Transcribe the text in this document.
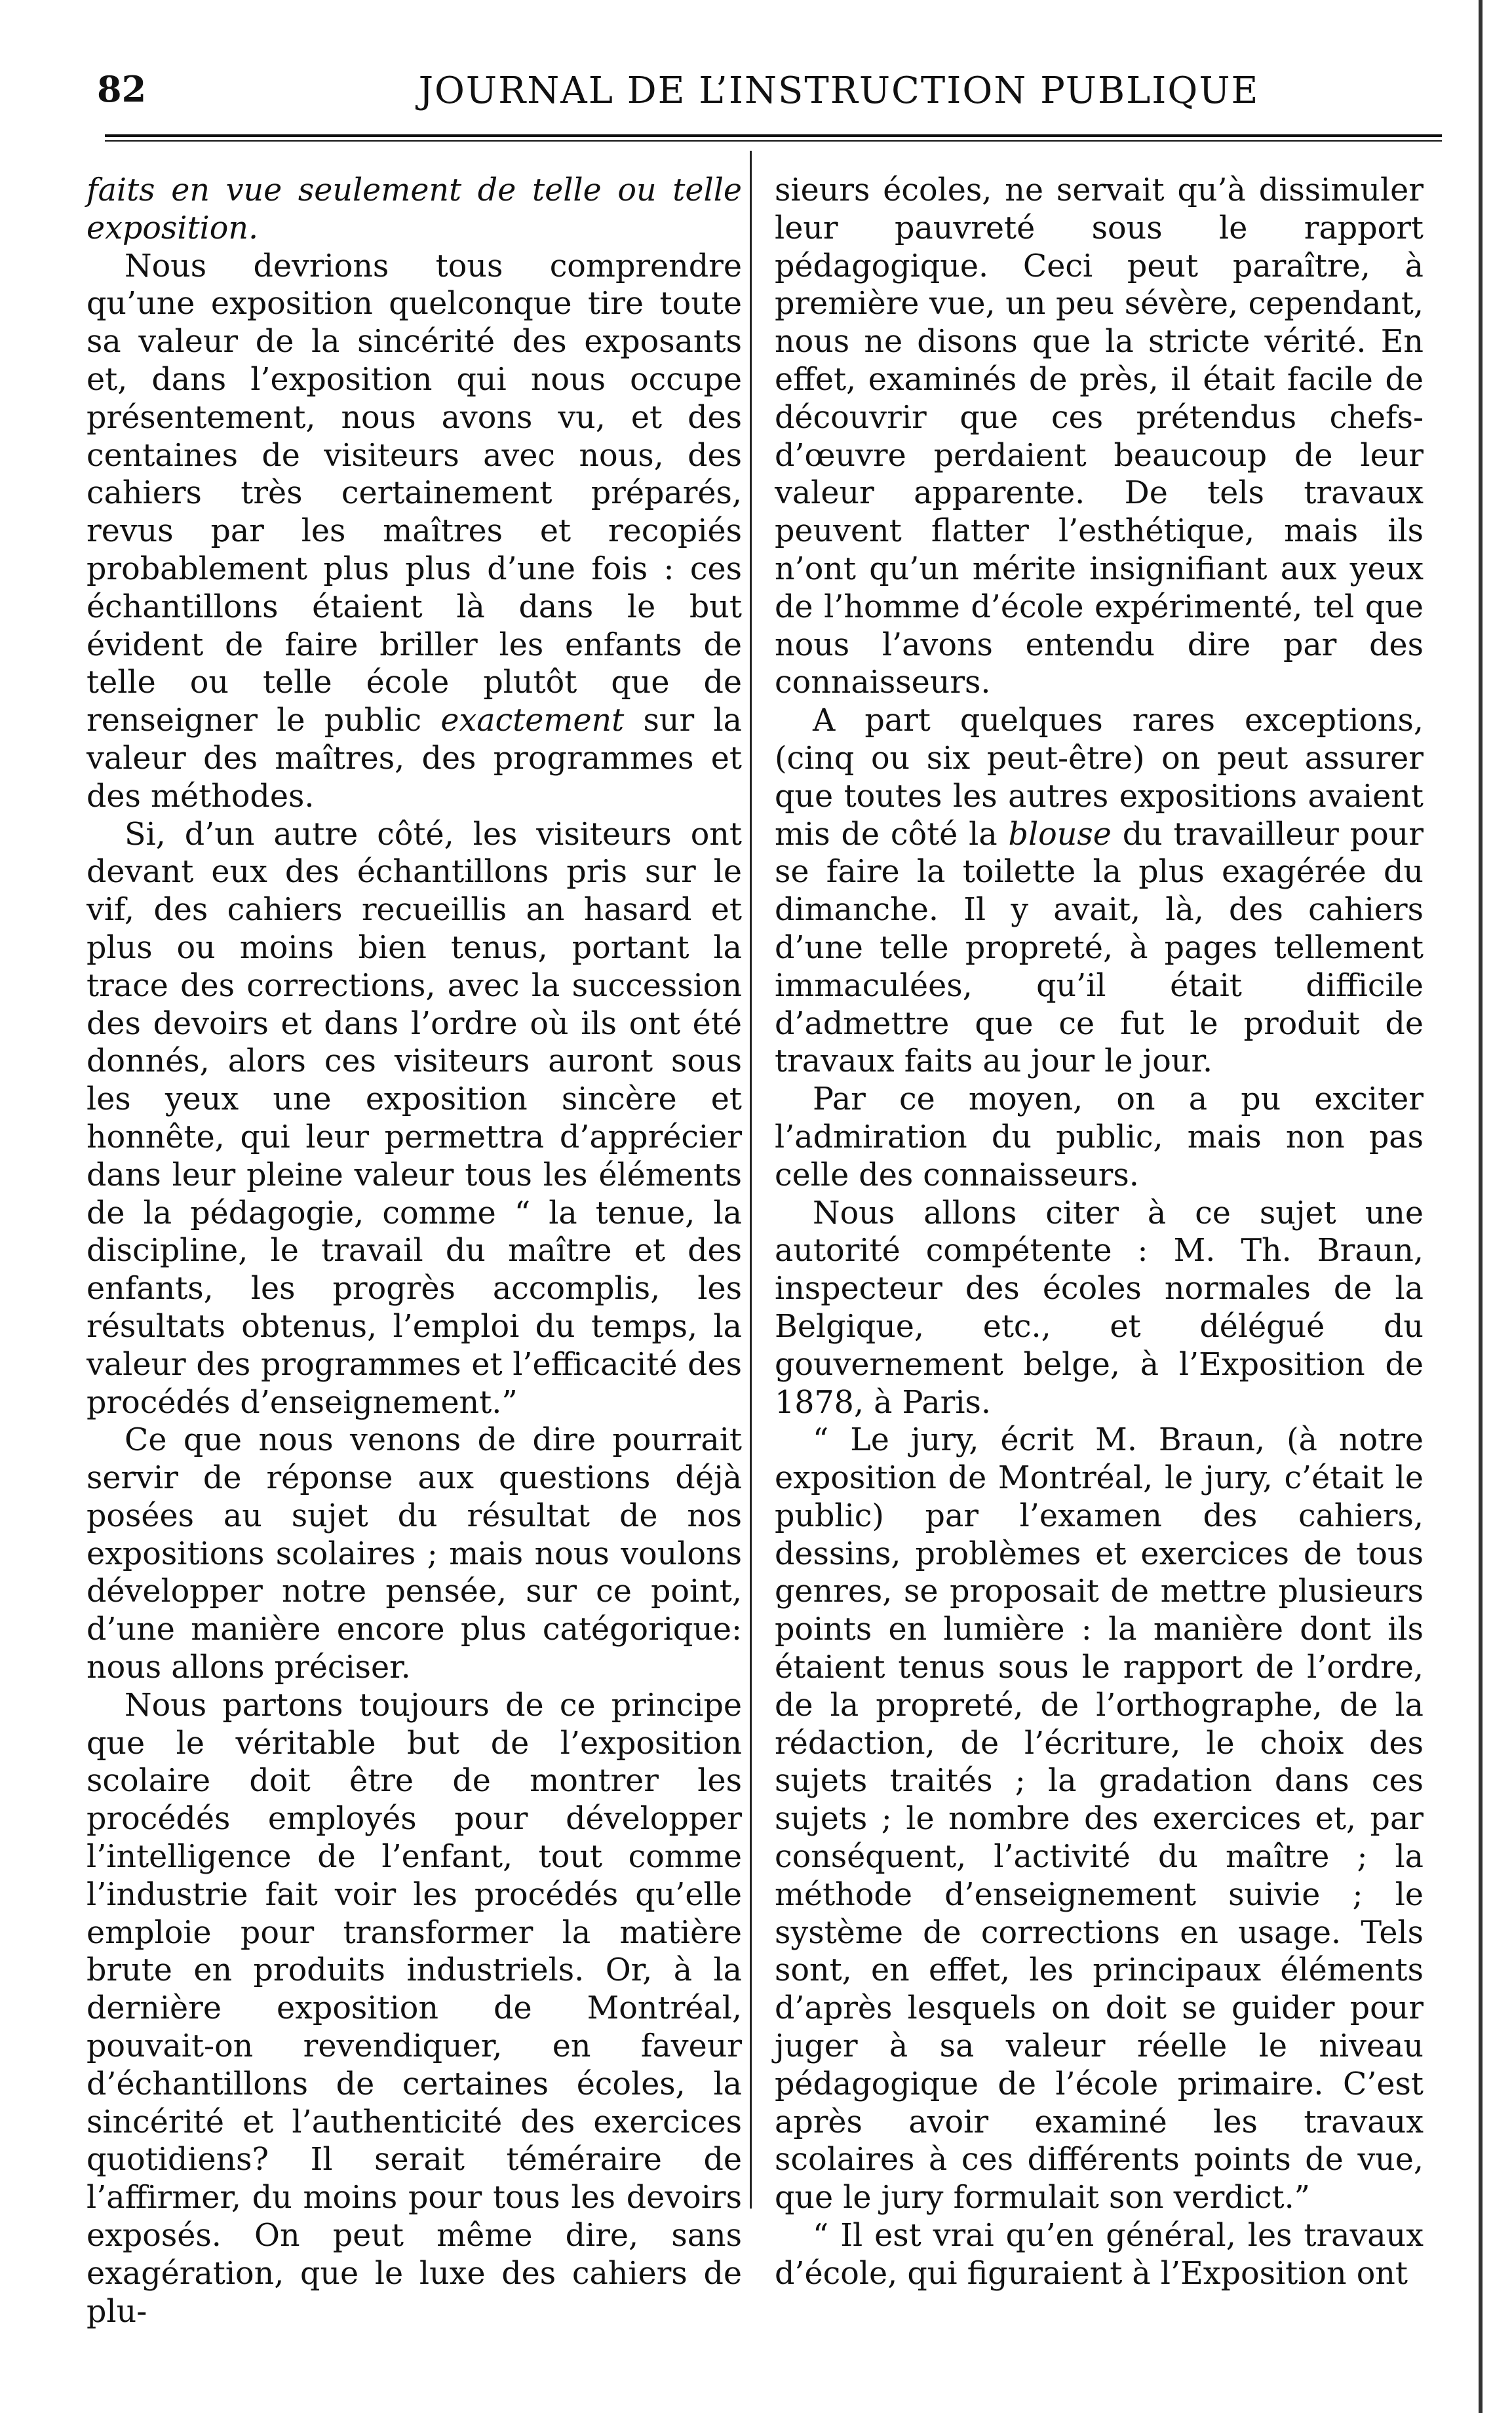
82	JOURNAL DE L’INSTRUCTION PUBLIQUE

faits en vue seulement de telle ou telle exposition.

Nous devrions tous comprendre qu’une exposition quelconque tire toute sa valeur de la sincérité des exposants et, dans l’exposition qui nous occupe présentement, nous avons vu, et des centaines de visiteurs avec nous, des cahiers très certainement préparés, revus par les maîtres et recopiés probablement plus plus d’une fois : ces échantillons étaient là dans le but évident de faire briller les enfants de telle ou telle école plutôt que de renseigner le public exactement sur la valeur des maîtres, des programmes et des méthodes.

Si, d’un autre côté, les visiteurs ont devant eux des échantillons pris sur le vif, des cahiers recueillis an hasard et plus ou moins bien tenus, portant la trace des corrections, avec la succession des devoirs et dans l’ordre où ils ont été donnés, alors ces visiteurs auront sous les yeux une exposition sincère et honnête, qui leur permettra d’apprécier dans leur pleine valeur tous les éléments de la pédagogie, comme “ la tenue, la discipline, le travail du maître et des enfants, les progrès accomplis, les résultats obtenus, l’emploi du temps, la valeur des programmes et l’efficacité des procédés d’enseignement.”

Ce que nous venons de dire pourrait servir de réponse aux questions déjà posées au sujet du résultat de nos expositions scolaires ; mais nous voulons développer notre pensée, sur ce point, d’une manière encore plus catégorique: nous allons préciser.

Nous partons toujours de ce principe que le véritable but de l’exposition scolaire doit être de montrer les procédés employés pour développer l’intelligence de l’enfant, tout comme l’industrie fait voir les procédés qu’elle emploie pour transformer la matière brute en produits industriels. Or, à la dernière exposition de Montréal, pouvait-on revendiquer, en faveur d’échantillons de certaines écoles, la sincérité et l’authenticité des exercices quotidiens? Il serait téméraire de l’affirmer, du moins pour tous les devoirs exposés. On peut même dire, sans exagération, que le luxe des cahiers de plu-

sieurs écoles, ne servait qu’à dissimuler leur pauvreté sous le rapport pédagogique. Ceci peut paraître, à première vue, un peu sévère, cependant, nous ne disons que la stricte vérité. En effet, examinés de près, il était facile de découvrir que ces prétendus chefs-d’œuvre perdaient beaucoup de leur valeur apparente. De tels travaux peuvent flatter l’esthétique, mais ils n’ont qu’un mérite insignifiant aux yeux de l’homme d’école expérimenté, tel que nous l’avons entendu dire par des connaisseurs.

A part quelques rares exceptions, (cinq ou six peut-être) on peut assurer que toutes les autres expositions avaient mis de côté la blouse du travailleur pour se faire la toilette la plus exagérée du dimanche. Il y avait, là, des cahiers d’une telle propreté, à pages tellement immaculées, qu’il était difficile d’admettre que ce fut le produit de travaux faits au jour le jour.

Par ce moyen, on a pu exciter l’admiration du public, mais non pas celle des connaisseurs.

Nous allons citer à ce sujet une autorité compétente : M. Th. Braun, inspecteur des écoles normales de la Belgique, etc., et délégué du gouvernement belge, à l’Exposition de 1878, à Paris.

“ Le jury, écrit M. Braun, (à notre exposition de Montréal, le jury, c’était le public) par l’examen des cahiers, dessins, problèmes et exercices de tous genres, se proposait de mettre plusieurs points en lumière : la manière dont ils étaient tenus sous le rapport de l’ordre, de la propreté, de l’orthographe, de la rédaction, de l’écriture, le choix des sujets traités ; la gradation dans ces sujets ; le nombre des exercices et, par conséquent, l’activité du maître ; la méthode d’enseignement suivie ; le système de corrections en usage. Tels sont, en effet, les principaux éléments d’après lesquels on doit se guider pour juger à sa valeur réelle le niveau pédagogique de l’école primaire. C’est après avoir examiné les travaux scolaires à ces différents points de vue, que le jury formulait son verdict.”

“ Il est vrai qu’en général, les travaux d’école, qui figuraient à l’Exposition ont
